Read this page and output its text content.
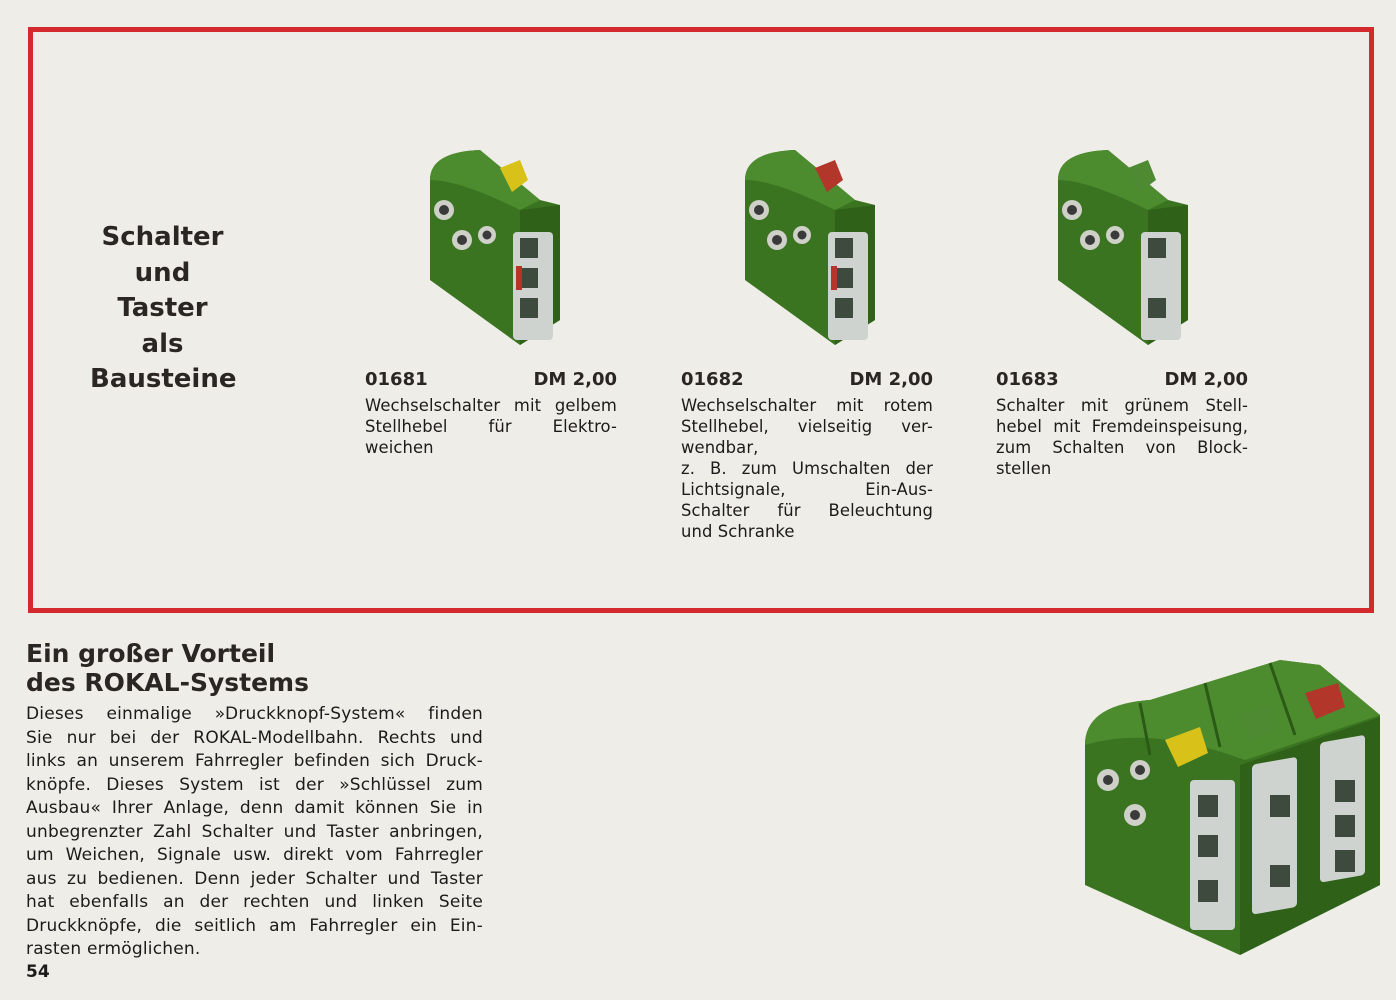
Schalter
und
Taster
als
Bausteine	01681	DM 2,00
Wechselschalter mit gelbem
Stellhebel für Elektro-
weichen
01682	DM 2,00
Wechselschalter mit rotem
Stellhebel, vielseitig ver-
wendbar,
z. B. zum Umschalten der
Lichtsignale, Ein-Aus-
Schalter für Beleuchtung
und Schranke
01683	DM 2,00
Schalter mit grünem Stell-
hebel mit Fremdeinspeisung,
zum Schalten von Block-
stellen
Ein großer Vorteil
des ROKAL-Systems
Dieses einmalige »Druckknopf-System« finden
Sie nur bei der ROKAL-Modellbahn. Rechts und
links an unserem Fahrregler befinden sich Druck-
knöpfe. Dieses System ist der »Schlüssel zum
Ausbau« Ihrer Anlage, denn damit können Sie in
unbegrenzter Zahl Schalter und Taster anbringen,
um Weichen, Signale usw. direkt vom Fahrregler
aus zu bedienen. Denn jeder Schalter und Taster
hat ebenfalls an der rechten und linken Seite
Druckknöpfe, die seitlich am Fahrregler ein Ein-
rasten ermöglichen.
54
